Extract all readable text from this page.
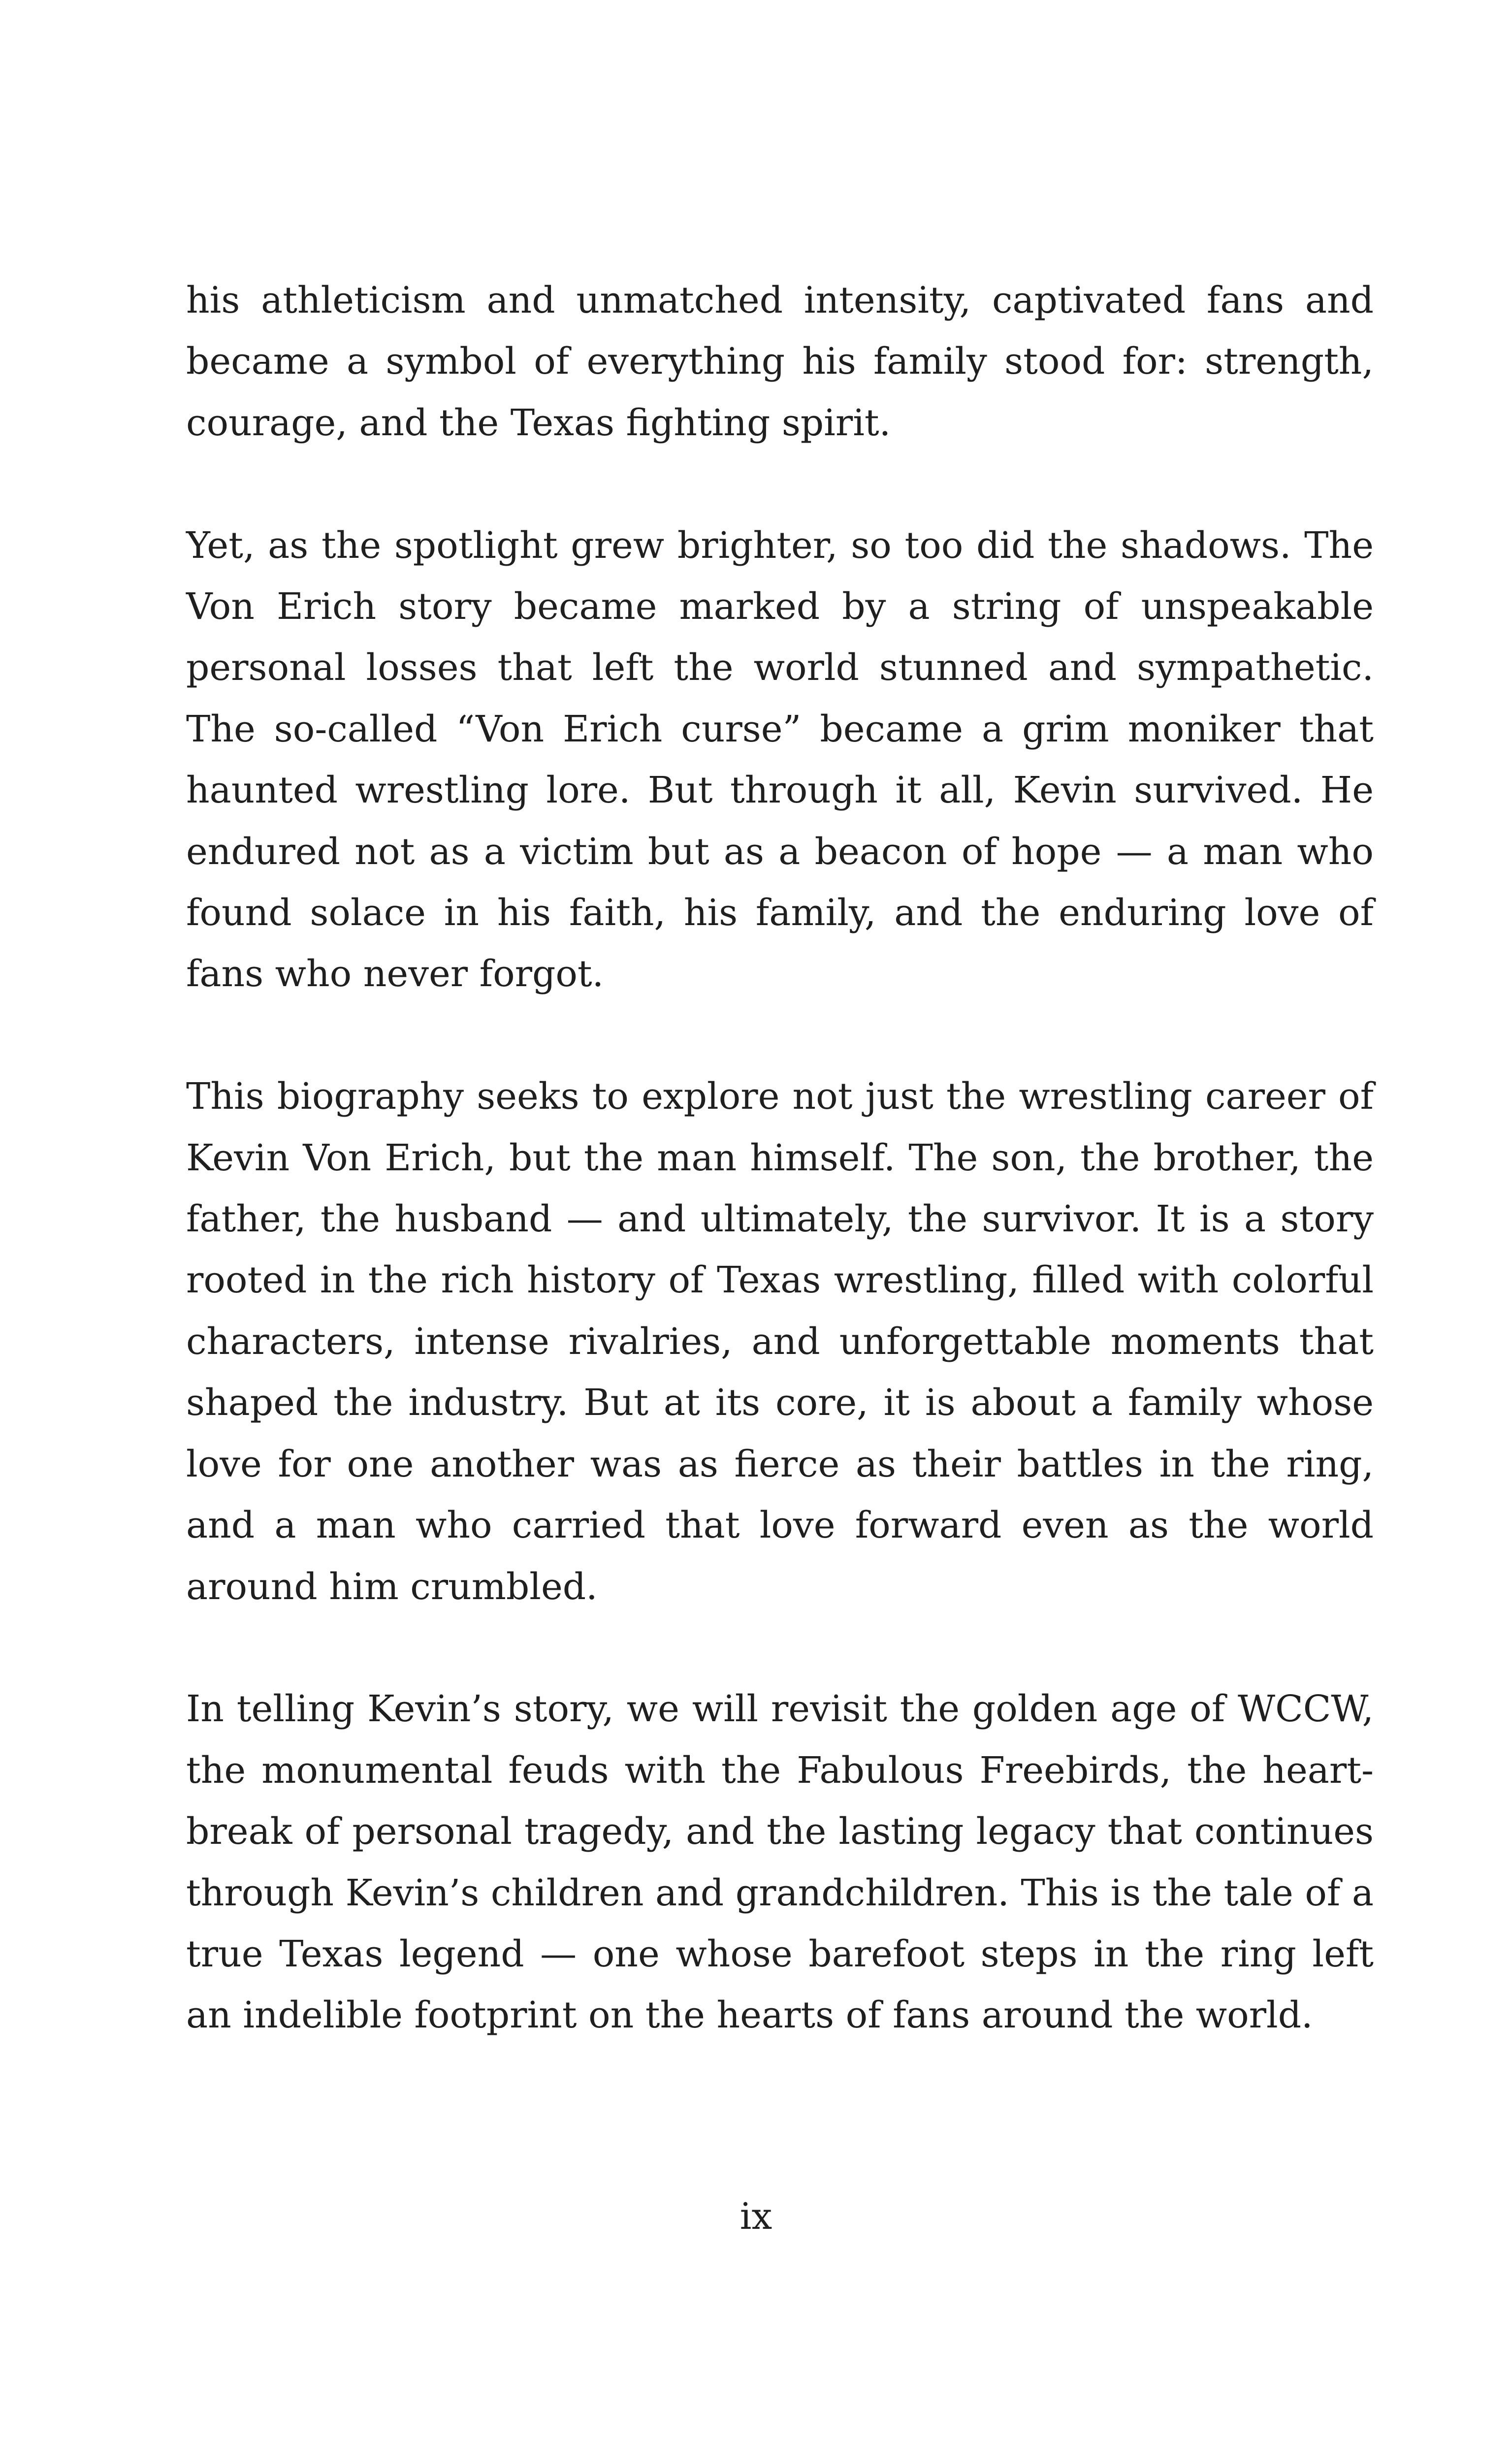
his athleticism and unmatched intensity, captivated fans and became a symbol of everything his family stood for: strength, courage, and the Texas fighting spirit.

Yet, as the spotlight grew brighter, so too did the shadows. The Von Erich story became marked by a string of unspeakable personal losses that left the world stunned and sympathetic. The so-called “Von Erich curse” became a grim moniker that haunted wrestling lore. But through it all, Kevin survived. He endured not as a victim but as a beacon of hope — a man who found solace in his faith, his family, and the enduring love of fans who never forgot.

This biography seeks to explore not just the wrestling career of Kevin Von Erich, but the man himself. The son, the brother, the father, the husband — and ultimately, the survivor. It is a story rooted in the rich history of Texas wrestling, filled with colorful characters, intense rivalries, and unforgettable moments that shaped the industry. But at its core, it is about a family whose love for one another was as fierce as their battles in the ring, and a man who carried that love forward even as the world around him crumbled.

In telling Kevin’s story, we will revisit the golden age of WCCW, the monumental feuds with the Fabulous Freebirds, the heart-break of personal tragedy, and the lasting legacy that continues through Kevin’s children and grandchildren. This is the tale of a true Texas legend — one whose barefoot steps in the ring left an indelible footprint on the hearts of fans around the world.

ix
